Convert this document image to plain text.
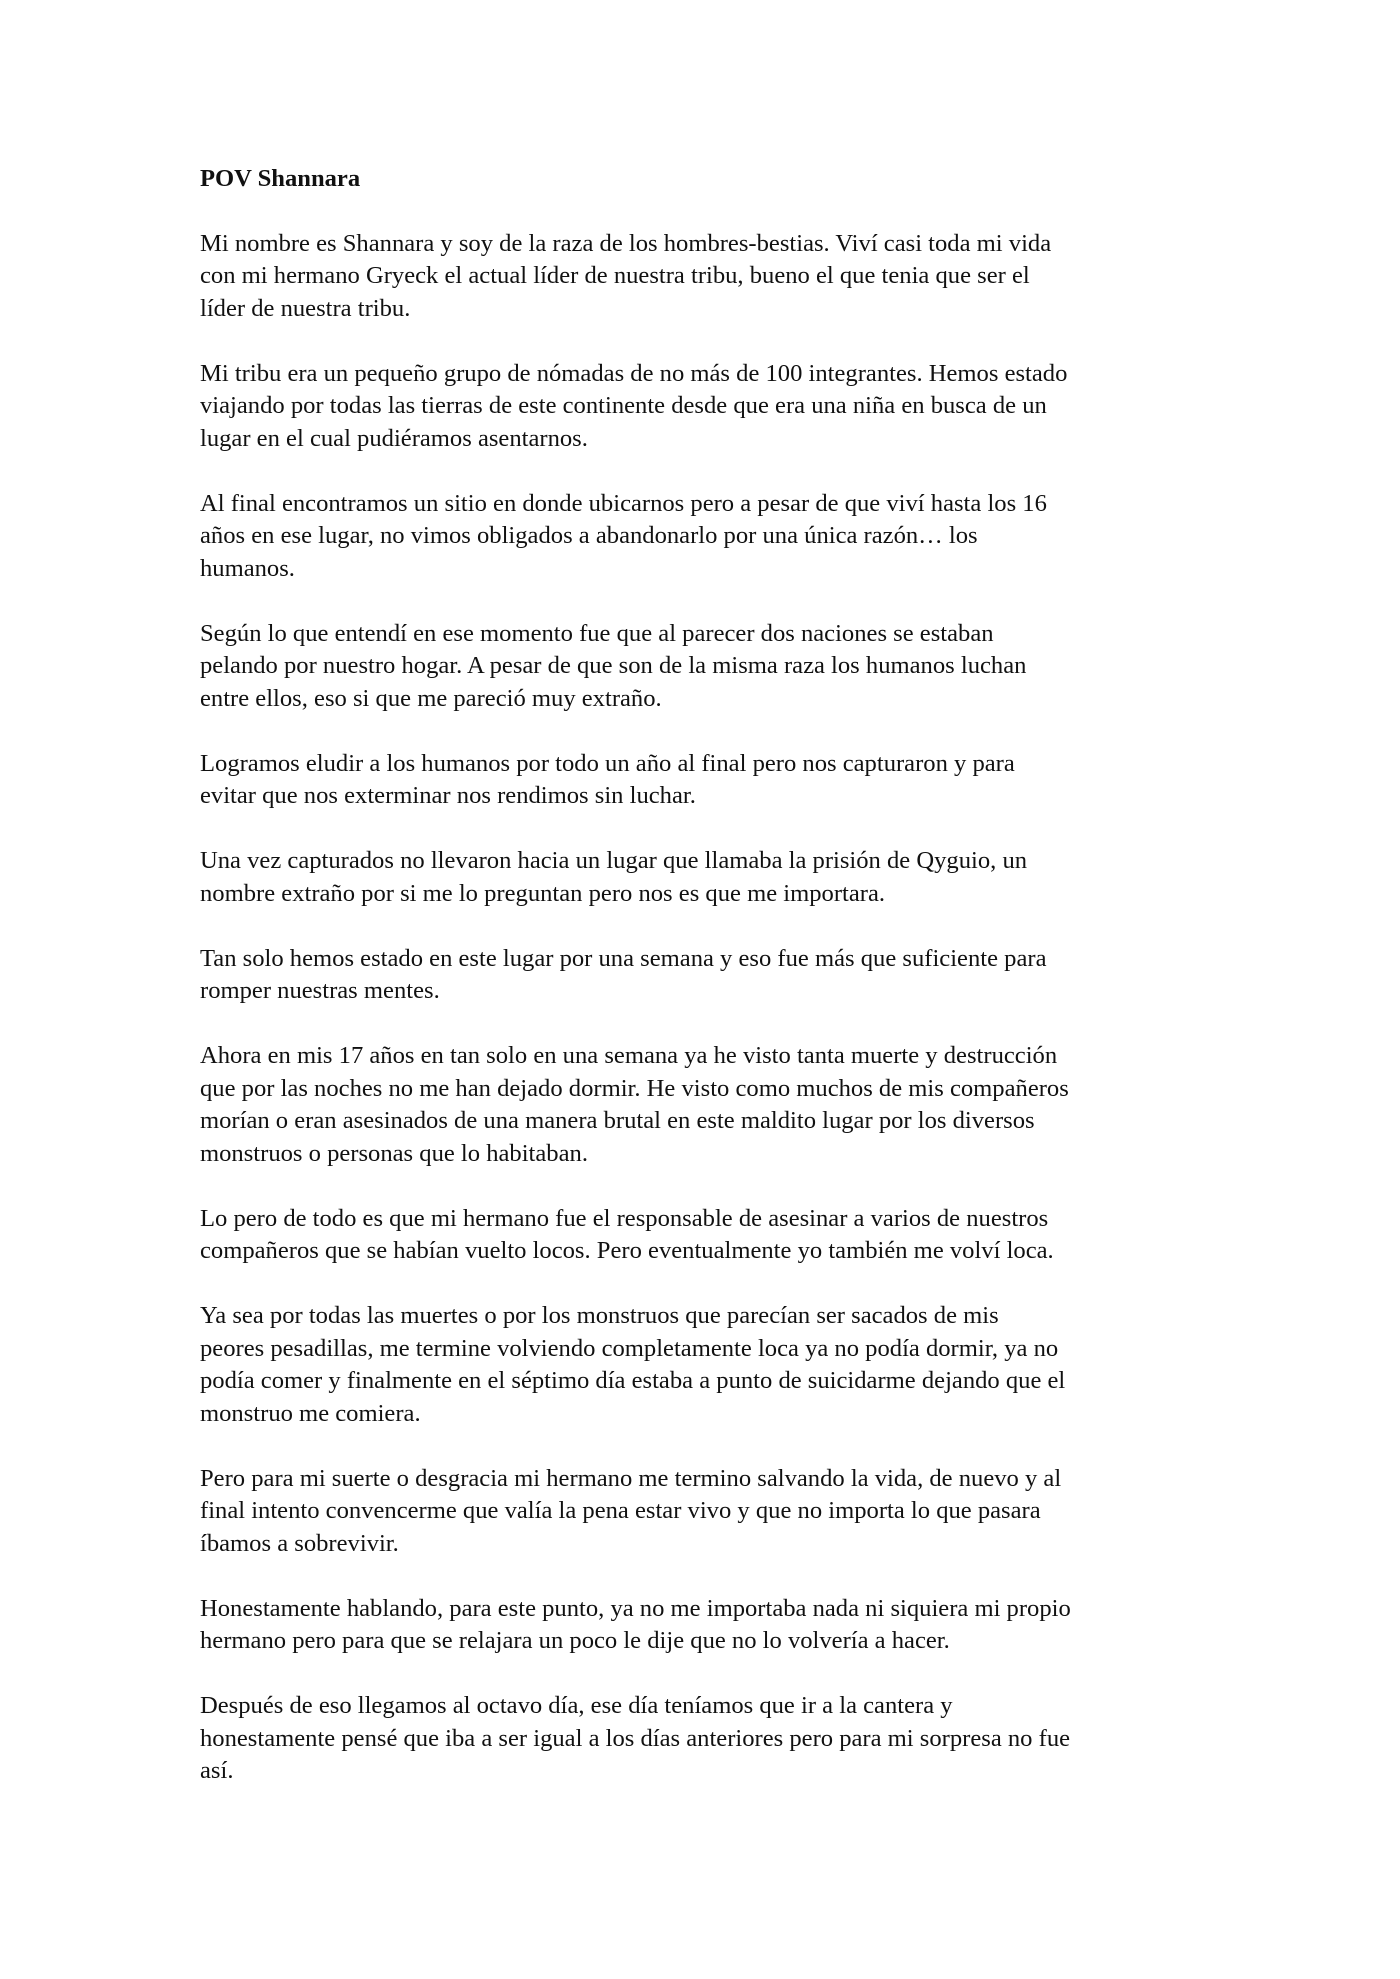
POV Shannara

Mi nombre es Shannara y soy de la raza de los hombres-bestias. Viví casi toda mi vida
con mi hermano Gryeck el actual líder de nuestra tribu, bueno el que tenia que ser el
líder de nuestra tribu.

Mi tribu era un pequeño grupo de nómadas de no más de 100 integrantes. Hemos estado
viajando por todas las tierras de este continente desde que era una niña en busca de un
lugar en el cual pudiéramos asentarnos.

Al final encontramos un sitio en donde ubicarnos pero a pesar de que viví hasta los 16
años en ese lugar, no vimos obligados a abandonarlo por una única razón… los
humanos.

Según lo que entendí en ese momento fue que al parecer dos naciones se estaban
pelando por nuestro hogar. A pesar de que son de la misma raza los humanos luchan
entre ellos, eso si que me pareció muy extraño.

Logramos eludir a los humanos por todo un año al final pero nos capturaron y para
evitar que nos exterminar nos rendimos sin luchar.

Una vez capturados no llevaron hacia un lugar que llamaba la prisión de Qyguio, un
nombre extraño por si me lo preguntan pero nos es que me importara.

Tan solo hemos estado en este lugar por una semana y eso fue más que suficiente para
romper nuestras mentes.

Ahora en mis 17 años en tan solo en una semana ya he visto tanta muerte y destrucción
que por las noches no me han dejado dormir. He visto como muchos de mis compañeros
morían o eran asesinados de una manera brutal en este maldito lugar por los diversos
monstruos o personas que lo habitaban.

Lo pero de todo es que mi hermano fue el responsable de asesinar a varios de nuestros
compañeros que se habían vuelto locos. Pero eventualmente yo también me volví loca.

Ya sea por todas las muertes o por los monstruos que parecían ser sacados de mis
peores pesadillas, me termine volviendo completamente loca ya no podía dormir, ya no
podía comer y finalmente en el séptimo día estaba a punto de suicidarme dejando que el
monstruo me comiera.

Pero para mi suerte o desgracia mi hermano me termino salvando la vida, de nuevo y al
final intento convencerme que valía la pena estar vivo y que no importa lo que pasara
íbamos a sobrevivir.

Honestamente hablando, para este punto, ya no me importaba nada ni siquiera mi propio
hermano pero para que se relajara un poco le dije que no lo volvería a hacer.

Después de eso llegamos al octavo día, ese día teníamos que ir a la cantera y
honestamente pensé que iba a ser igual a los días anteriores pero para mi sorpresa no fue
así.
